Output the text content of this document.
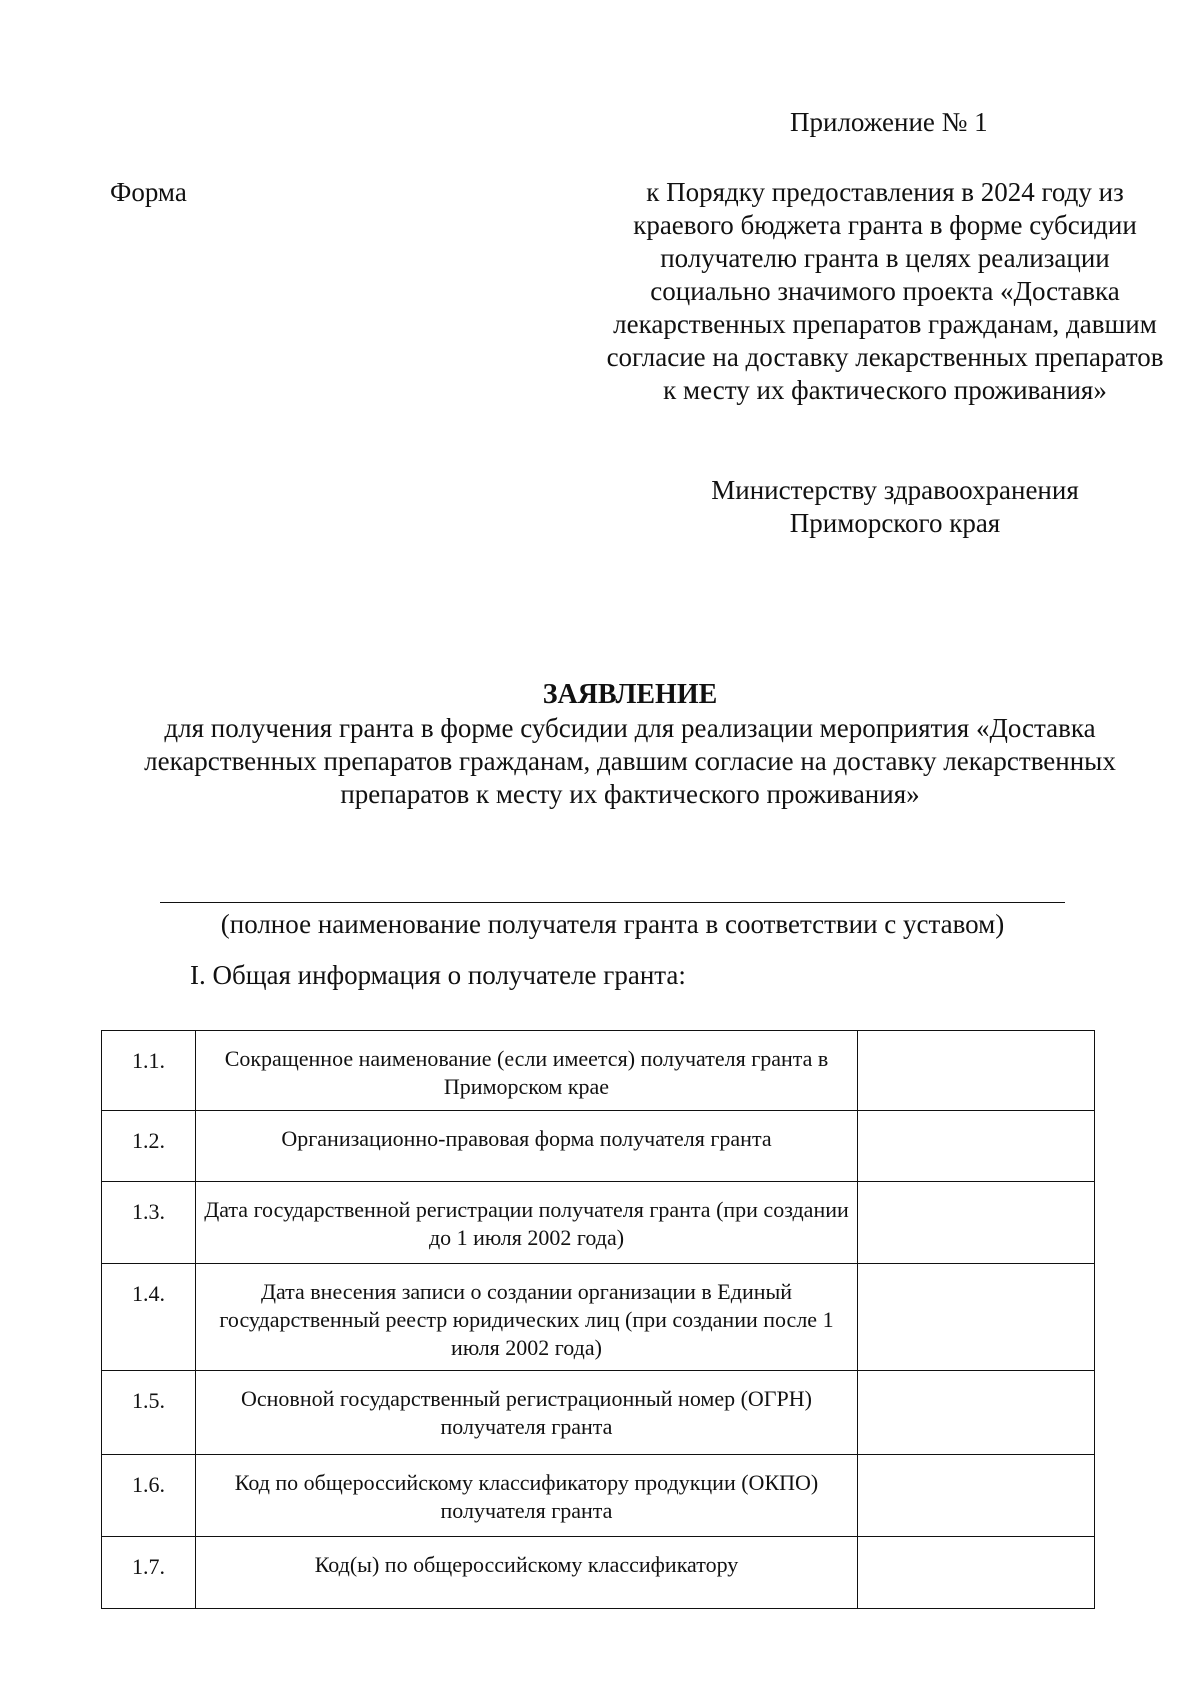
Приложение № 1
Форма	к Порядку предоставления в 2024 году из краевого бюджета гранта в форме субсидии получателю гранта в целях реализации социально значимого проекта «Доставка лекарственных препаратов гражданам, давшим согласие на доставку лекарственных препаратов к месту их фактического проживания»
Министерству здравоохранения Приморского края
ЗАЯВЛЕНИЕ
для получения гранта в форме субсидии для реализации мероприятия «Доставка лекарственных препаратов гражданам, давшим согласие на доставку лекарственных препаратов к месту их фактического проживания»
(полное наименование получателя гранта в соответствии с уставом)
I. Общая информация о получателе гранта:
1.1.	Сокращенное наименование (если имеется) получателя гранта в Приморском крае	
1.2.	Организационно-правовая форма получателя гранта	
1.3.	Дата государственной регистрации получателя гранта (при создании до 1 июля 2002 года)	
1.4.	Дата внесения записи о создании организации в Единый государственный реестр юридических лиц (при создании после 1 июля 2002 года)	
1.5.	Основной государственный регистрационный номер (ОГРН) получателя гранта	
1.6.	Код по общероссийскому классификатору продукции (ОКПО) получателя гранта	
1.7.	Код(ы) по общероссийскому классификатору	
